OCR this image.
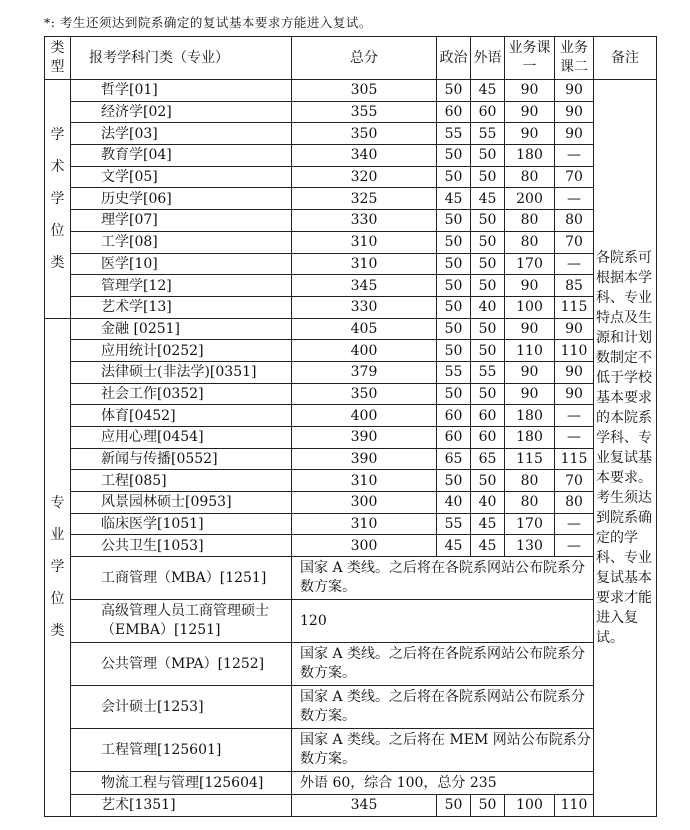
*: 考生还须达到院系确定的复试基本要求方能进入复试。
类型	报考学科门类（专业）	总分	政治	外语	业务课一	业务课二	备注

学
术
学
位
类	哲学[01]	305	50	45	90	90	各院系可根据本学科、专业特点及生源和计划数制定不低于学校基本要求的本院系学科、专业复试基本要求。考生须达到院系确定的学科、专业复试基本要求才能进入复试。
	经济学[02]	355	60	60	90	90	
	法学[03]	350	55	55	90	90	
	教育学[04]	340	50	50	180	—	
	文学[05]	320	50	50	80	70	
	历史学[06]	325	45	45	200	—	
	理学[07]	330	50	50	80	80	
	工学[08]	310	50	50	80	70	
	医学[10]	310	50	50	170	—	
	管理学[12]	345	50	50	90	85	
	艺术学[13]	330	50	40	100	115	

专
业
学
位
类	金融 [0251]	405	50	50	90	90	
	应用统计[0252]	400	50	50	110	110	
	法律硕士(非法学)[0351]	379	55	55	90	90	
	社会工作[0352]	350	50	50	90	90	
	体育[0452]	400	60	60	180	—	
	应用心理[0454]	390	60	60	180	—	
	新闻与传播[0552]	390	65	65	115	115	
	工程[085]	310	50	50	80	70	
	风景园林硕士[0953]	300	40	40	80	80	
	临床医学[1051]	310	55	45	170	—	
	公共卫生[1053]	300	45	45	130	—	
	工商管理（MBA）[1251]	国家 A 类线。之后将在各院系网站公布院系分数方案。					
	高级管理人员工商管理硕士（EMBA）[1251]	120					
	公共管理（MPA）[1252]	国家 A 类线。之后将在各院系网站公布院系分数方案。					
	会计硕士[1253]	国家 A 类线。之后将在各院系网站公布院系分数方案。					
	工程管理[125601]	国家 A 类线。之后将在 MEM 网站公布院系分数方案。					
	物流工程与管理[125604]	外语 60，综合 100，总分 235					
	艺术[1351]	345	50	50	100	110	
